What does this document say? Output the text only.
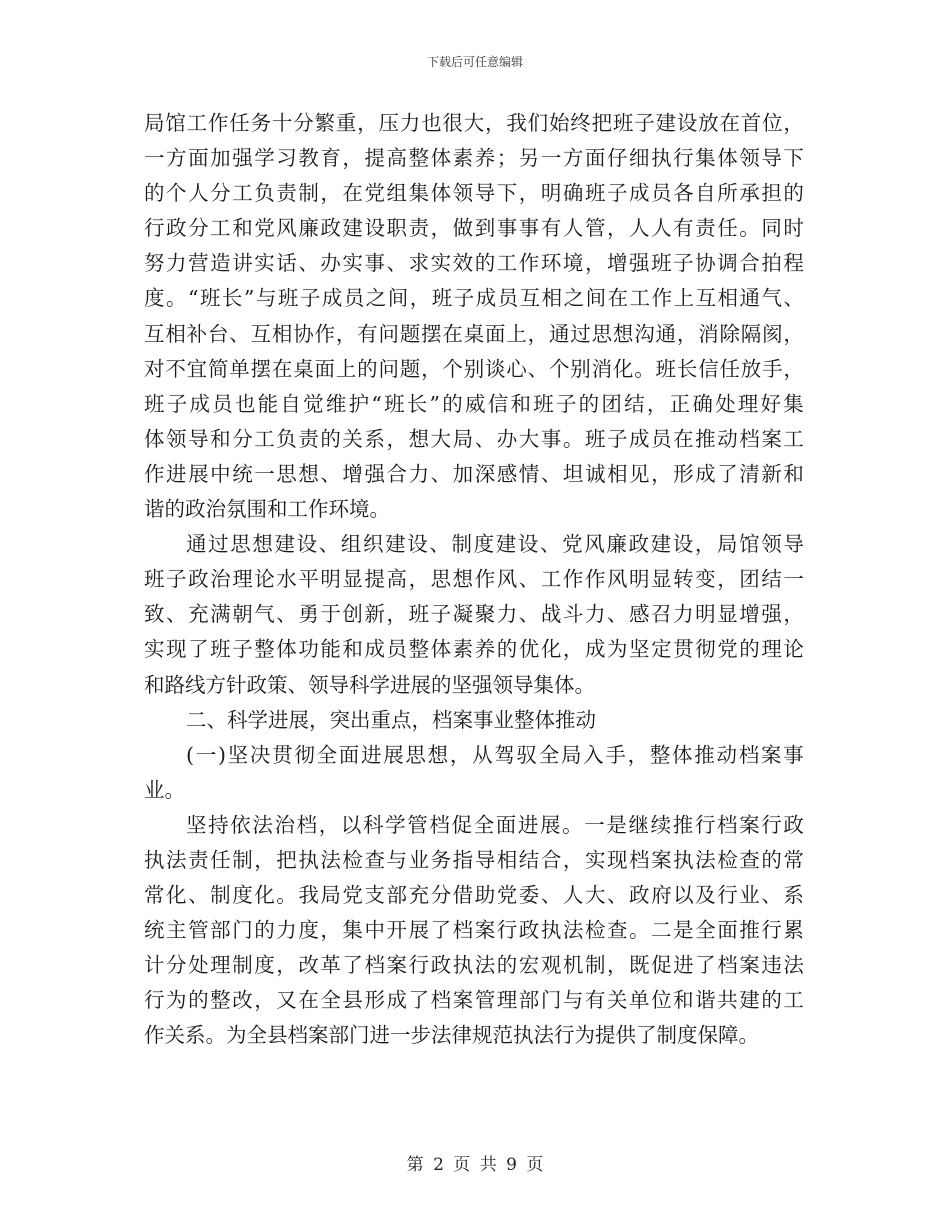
下载后可任意编辑
局 馆 工 作 任 务 十 分 繁 重 ， 压 力 也 很 大 ， 我 们 始 终 把 班 子 建 设 放 在 首 位 ，
一 方 面 加 强 学 习 教 育 ， 提 高 整 体 素 养 ； 另 一 方 面 仔 细 执 行 集 体 领 导 下
的 个 人 分 工 负 责 制 ， 在 党 组 集 体 领 导 下 ， 明 确 班 子 成 员 各 自 所 承 担 的
行 政 分 工 和 党 风 廉 政 建 设 职 责 ， 做 到 事 事 有 人 管 ， 人 人 有 责 任 。 同 时
努 力 营 造 讲 实 话 、 办 实 事 、 求 实 效 的 工 作 环 境 ， 增 强 班 子 协 调 合 拍 程
度 。 “ 班 长 ” 与 班 子 成 员 之 间 ， 班 子 成 员 互 相 之 间 在 工 作 上 互 相 通 气 、
互 相 补 台 、 互 相 协 作 ， 有 问 题 摆 在 桌 面 上 ， 通 过 思 想 沟 通 ， 消 除 隔 阂 ，
对 不 宜 简 单 摆 在 桌 面 上 的 问 题 ， 个 别 谈 心 、 个 别 消 化 。 班 长 信 任 放 手 ，
班 子 成 员 也 能 自 觉 维 护 “ 班 长 ” 的 威 信 和 班 子 的 团 结 ， 正 确 处 理 好 集
体 领 导 和 分 工 负 责 的 关 系 ， 想 大 局 、 办 大 事 。 班 子 成 员 在 推 动 档 案 工
作 进 展 中 统 一 思 想 、 增 强 合 力 、 加 深 感 情 、 坦 诚 相 见 ， 形 成 了 清 新 和
谐的政治氛围和工作环境。
通 过 思 想 建 设 、 组 织 建 设 、 制 度 建 设 、 党 风 廉 政 建 设 ， 局 馆 领 导
班 子 政 治 理 论 水 平 明 显 提 高 ， 思 想 作 风 、 工 作 作 风 明 显 转 变 ， 团 结 一
致 、 充 满 朝 气 、 勇 于 创 新 ， 班 子 凝 聚 力 、 战 斗 力 、 感 召 力 明 显 增 强 ，
实 现 了 班 子 整 体 功 能 和 成 员 整 体 素 养 的 优 化 ， 成 为 坚 定 贯 彻 党 的 理 论
和路线方针政策、领导科学进展的坚强领导集体。
二、科学进展，突出重点，档案事业整体推动
( 一 ) 坚 决 贯 彻 全 面 进 展 思 想 ， 从 驾 驭 全 局 入 手 ， 整 体 推 动 档 案 事
业。
坚 持 依 法 治 档 ， 以 科 学 管 档 促 全 面 进 展 。 一 是 继 续 推 行 档 案 行 政
执 法 责 任 制 ， 把 执 法 检 查 与 业 务 指 导 相 结 合 ， 实 现 档 案 执 法 检 查 的 常
常 化 、 制 度 化 。 我 局 党 支 部 充 分 借 助 党 委 、 人 大 、 政 府 以 及 行 业 、 系
统 主 管 部 门 的 力 度 ， 集 中 开 展 了 档 案 行 政 执 法 检 查 。 二 是 全 面 推 行 累
计 分 处 理 制 度 ， 改 革 了 档 案 行 政 执 法 的 宏 观 机 制 ， 既 促 进 了 档 案 违 法
行 为 的 整 改 ， 又 在 全 县 形 成 了 档 案 管 理 部 门 与 有 关 单 位 和 谐 共 建 的 工
作关系。为全县档案部门进一步法律规范执法行为提供了制度保障。
第 2 页 共 9 页
